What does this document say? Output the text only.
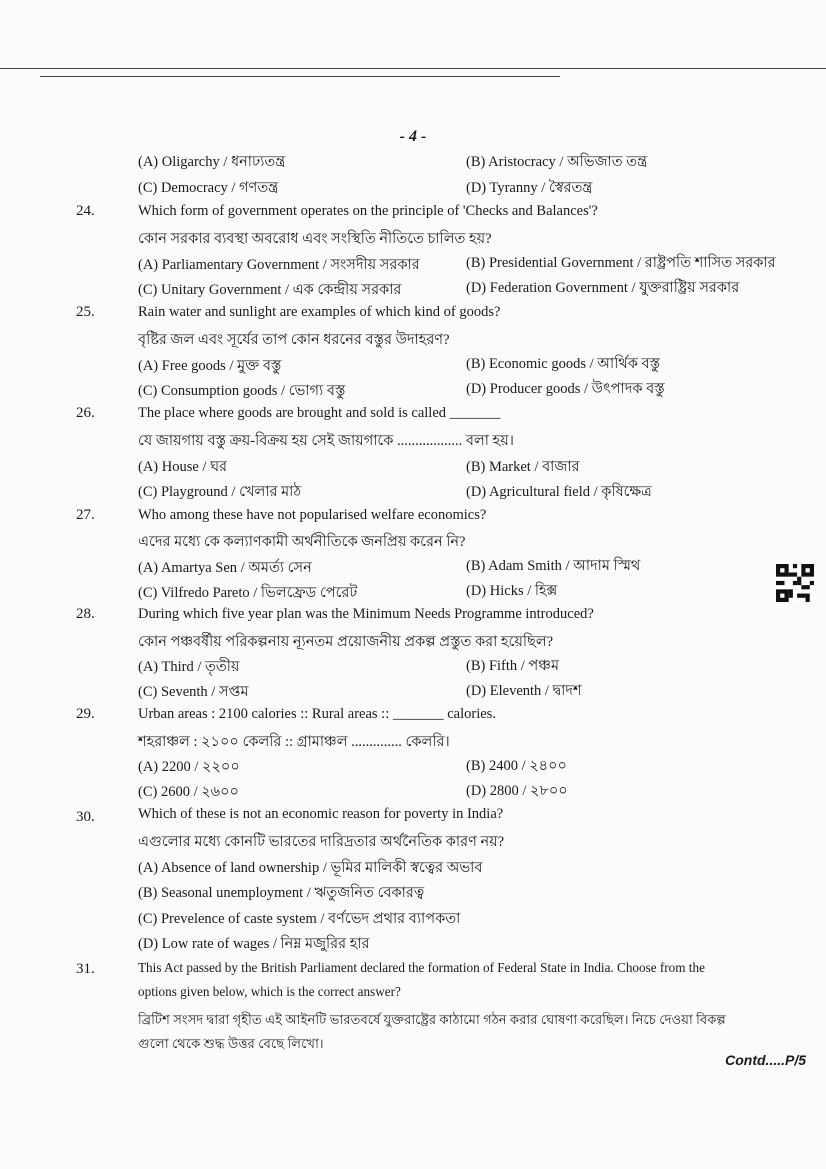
- 4 -
(A) Oligarchy / ধনাঢ্যতন্ত্র	(B) Aristocracy / অভিজাত তন্ত্র
(C) Democracy / গণতন্ত্র	(D) Tyranny / স্বৈরতন্ত্র
24.	Which form of government operates on the principle of 'Checks and Balances'?
কোন সরকার ব্যবস্থা অবরোধ এবং সংস্থিতি নীতিতে চালিত হয়?
(A) Parliamentary Government / সংসদীয় সরকার	(B) Presidential Government / রাষ্ট্রপতি শাসিত সরকার
(C) Unitary Government / এক কেন্দ্রীয় সরকার	(D) Federation Government / যুক্তরাষ্ট্রিয় সরকার
25.	Rain water and sunlight are examples of which kind of goods?
বৃষ্টির জল এবং সূর্যের তাপ কোন ধরনের বস্তুর উদাহরণ?
(A) Free goods / মুক্ত বস্তু	(B) Economic goods / আর্থিক বস্তু
(C) Consumption goods / ভোগ্য বস্তু	(D) Producer goods / উৎপাদক বস্তু
26.	The place where goods are brought and sold is called _______
যে জায়গায় বস্তু ক্রয়-বিক্রয় হয় সেই জায়গাকে .................. বলা হয়।
(A) House / ঘর	(B) Market / বাজার
(C) Playground / খেলার মাঠ	(D) Agricultural field / কৃষিক্ষেত্র
27.	Who among these have not popularised welfare economics?
এদের মধ্যে কে কল্যাণকামী অর্থনীতিকে জনপ্রিয় করেন নি?
(A) Amartya Sen / অমর্ত্য সেন	(B) Adam Smith / আদাম স্মিথ
(C) Vilfredo Pareto / ভিলফ্রেড পেরেট	(D) Hicks / হিক্স
28.	During which five year plan was the Minimum Needs Programme introduced?
কোন পঞ্চবর্ষীয় পরিকল্পনায় ন্যূনতম প্রয়োজনীয় প্রকল্প প্রস্তুত করা হয়েছিল?
(A) Third / তৃতীয়	(B) Fifth / পঞ্চম
(C) Seventh / সপ্তম	(D) Eleventh / দ্বাদশ
29.	Urban areas : 2100 calories :: Rural areas :: _______ calories.
শহরাঞ্চল : ২১০০ কেলরি :: গ্রামাঞ্চল .............. কেলরি।
(A) 2200 / ২২০০	(B) 2400 / ২৪০০
(C) 2600 / ২৬০০	(D) 2800 / ২৮০০
30.	Which of these is not an economic reason for poverty in India?
এগুলোর মধ্যে কোনটি ভারতের দারিদ্রতার অর্থনৈতিক কারণ নয়?
(A) Absence of land ownership / ভূমির মালিকী স্বত্বের অভাব
(B) Seasonal unemployment / ঋতুজনিত বেকারত্ব
(C) Prevelence of caste system / বর্ণভেদ প্রথার ব্যাপকতা
(D) Low rate of wages / নিম্ন মজুরির হার
31.	This Act passed by the British Parliament declared the formation of Federal State in India. Choose from the
options given below, which is the correct answer?
ব্রিটিশ সংসদ দ্বারা গৃহীত এই আইনটি ভারতবর্ষে যুক্তরাষ্ট্রের কাঠামো গঠন করার ঘোষণা করেছিল। নিচে দেওয়া বিকল্প
গুলো থেকে শুদ্ধ উত্তর বেছে লিখো।
Contd.....P/5
